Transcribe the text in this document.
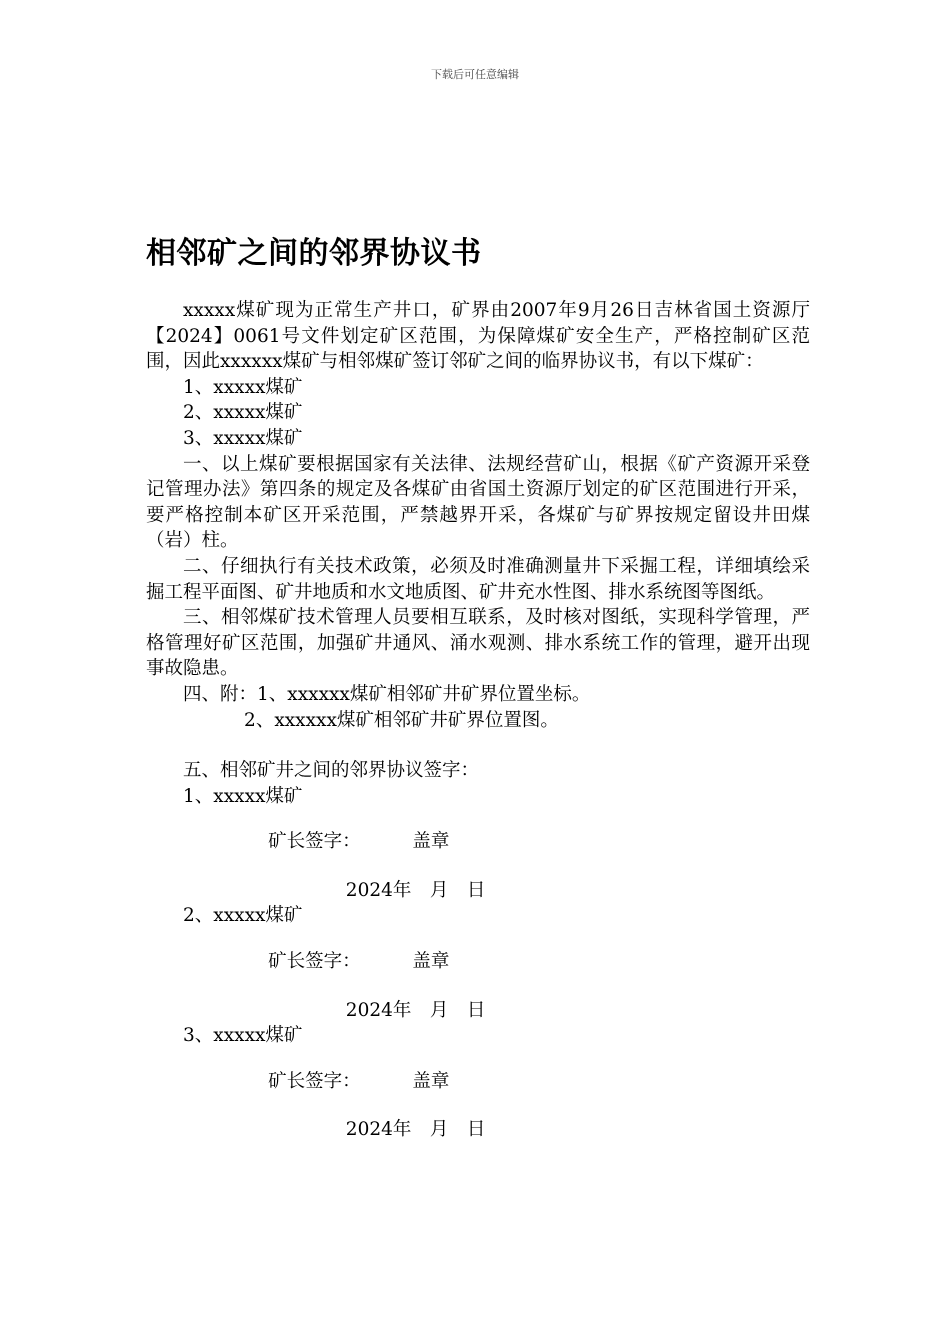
下载后可任意编辑
相邻矿之间的邻界协议书

xxxxx煤矿现为正常生产井口，矿界由2007年9月26日吉林省国土资源厅【2024】0061号文件划定矿区范围，为保障煤矿安全生产，严格控制矿区范围，因此xxxxxx煤矿与相邻煤矿签订邻矿之间的临界协议书，有以下煤矿：

1、xxxxx煤矿

2、xxxxx煤矿

3、xxxxx煤矿

一、以上煤矿要根据国家有关法律、法规经营矿山，根据《矿产资源开采登记管理办法》第四条的规定及各煤矿由省国土资源厅划定的矿区范围进行开采，要严格控制本矿区开采范围，严禁越界开采，各煤矿与矿界按规定留设井田煤（岩）柱。

二、仔细执行有关技术政策，必须及时准确测量井下采掘工程，详细填绘采掘工程平面图、矿井地质和水文地质图、矿井充水性图、排水系统图等图纸。

三、相邻煤矿技术管理人员要相互联系，及时核对图纸，实现科学管理，严格管理好矿区范围，加强矿井通风、涌水观测、排水系统工作的管理，避开出现事故隐患。

四、附：1、xxxxxx煤矿相邻矿井矿界位置坐标。

2、xxxxxx煤矿相邻矿井矿界位置图。

五、相邻矿井之间的邻界协议签字：

1、xxxxx煤矿

矿长签字：	盖章

2024年 月 日

2、xxxxx煤矿

矿长签字：	盖章

2024年 月 日

3、xxxxx煤矿

矿长签字：	盖章

2024年 月 日
